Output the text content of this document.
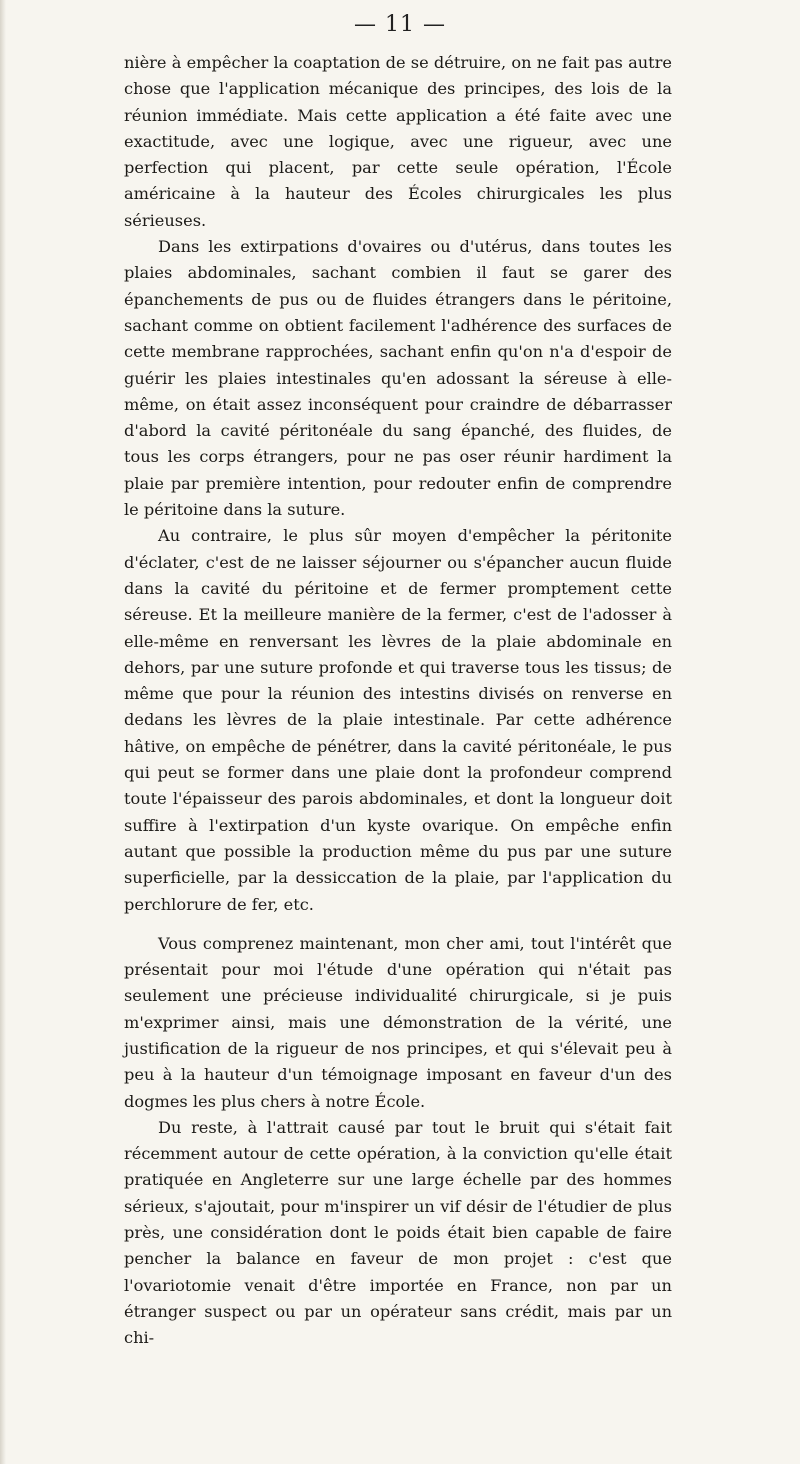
— 11 —

nière à empêcher la coaptation de se détruire, on ne fait pas autre chose que l'application mécanique des principes, des lois de la réunion immédiate. Mais cette application a été faite avec une exactitude, avec une logique, avec une rigueur, avec une perfection qui placent, par cette seule opération, l'École américaine à la hauteur des Écoles chirurgicales les plus sérieuses.

Dans les extirpations d'ovaires ou d'utérus, dans toutes les plaies abdominales, sachant combien il faut se garer des épanchements de pus ou de fluides étrangers dans le péritoine, sachant comme on obtient facilement l'adhérence des surfaces de cette membrane rapprochées, sachant enfin qu'on n'a d'espoir de guérir les plaies intestinales qu'en adossant la séreuse à elle-même, on était assez inconséquent pour craindre de débarrasser d'abord la cavité péritonéale du sang épanché, des fluides, de tous les corps étrangers, pour ne pas oser réunir hardiment la plaie par première intention, pour redouter enfin de comprendre le péritoine dans la suture.

Au contraire, le plus sûr moyen d'empêcher la péritonite d'éclater, c'est de ne laisser séjourner ou s'épancher aucun fluide dans la cavité du péritoine et de fermer promptement cette séreuse. Et la meilleure manière de la fermer, c'est de l'adosser à elle-même en renversant les lèvres de la plaie abdominale en dehors, par une suture profonde et qui traverse tous les tissus; de même que pour la réunion des intestins divisés on renverse en dedans les lèvres de la plaie intestinale. Par cette adhérence hâtive, on empêche de pénétrer, dans la cavité péritonéale, le pus qui peut se former dans une plaie dont la profondeur comprend toute l'épaisseur des parois abdominales, et dont la longueur doit suffire à l'extirpation d'un kyste ovarique. On empêche enfin autant que possible la production même du pus par une suture superficielle, par la dessiccation de la plaie, par l'application du perchlorure de fer, etc.

Vous comprenez maintenant, mon cher ami, tout l'intérêt que présentait pour moi l'étude d'une opération qui n'était pas seulement une précieuse individualité chirurgicale, si je puis m'exprimer ainsi, mais une démonstration de la vérité, une justification de la rigueur de nos principes, et qui s'élevait peu à peu à la hauteur d'un témoignage imposant en faveur d'un des dogmes les plus chers à notre École.

Du reste, à l'attrait causé par tout le bruit qui s'était fait récemment autour de cette opération, à la conviction qu'elle était pratiquée en Angleterre sur une large échelle par des hommes sérieux, s'ajoutait, pour m'inspirer un vif désir de l'étudier de plus près, une considération dont le poids était bien capable de faire pencher la balance en faveur de mon projet : c'est que l'ovariotomie venait d'être importée en France, non par un étranger suspect ou par un opérateur sans crédit, mais par un chi-
